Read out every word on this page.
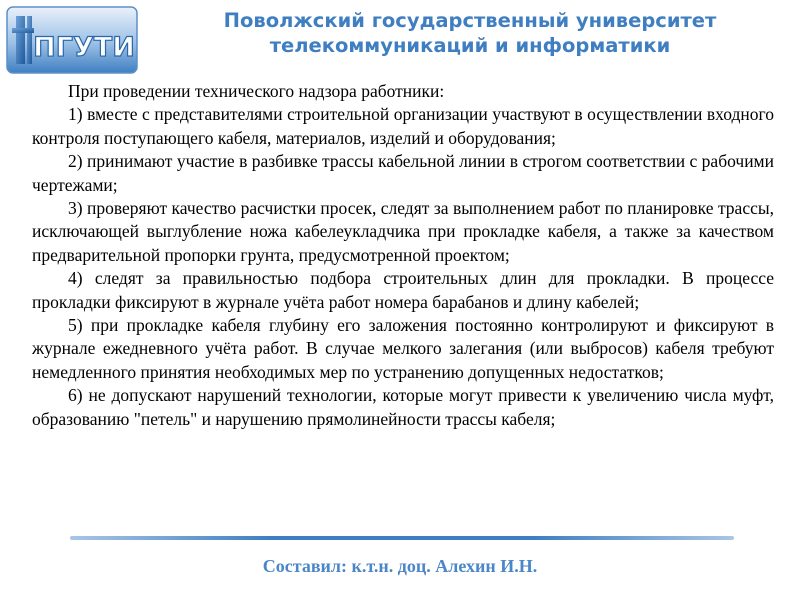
ПГУТИ
Поволжский государственный университет
телекоммуникаций и информатики

При проведении технического надзора работники:

1) вместе с представителями строительной организации участвуют в осуществлении входного контроля поступающего кабеля, материалов, изделий и оборудования;

2) принимают участие в разбивке трассы кабельной линии в строгом соответствии с рабочими чертежами;

3) проверяют качество расчистки просек, следят за выполнением работ по планировке трассы, исключающей выглубление ножа кабелеукладчика при прокладке кабеля, а также за качеством предварительной пропорки грунта, предусмотренной проектом;

4) следят за правильностью подбора строительных длин для прокладки. В процессе прокладки фиксируют в журнале учёта работ номера барабанов и длину кабелей;

5) при прокладке кабеля глубину его заложения постоянно контролируют и фиксируют в журнале ежедневного учёта работ. В случае мелкого залегания (или выбросов) кабеля требуют немедленного принятия необходимых мер по устранению допущенных недостатков;

6) не допускают нарушений технологии, которые могут привести к увеличению числа муфт, образованию "петель" и нарушению прямолинейности трассы кабеля;

Составил: к.т.н. доц. Алехин И.Н.
